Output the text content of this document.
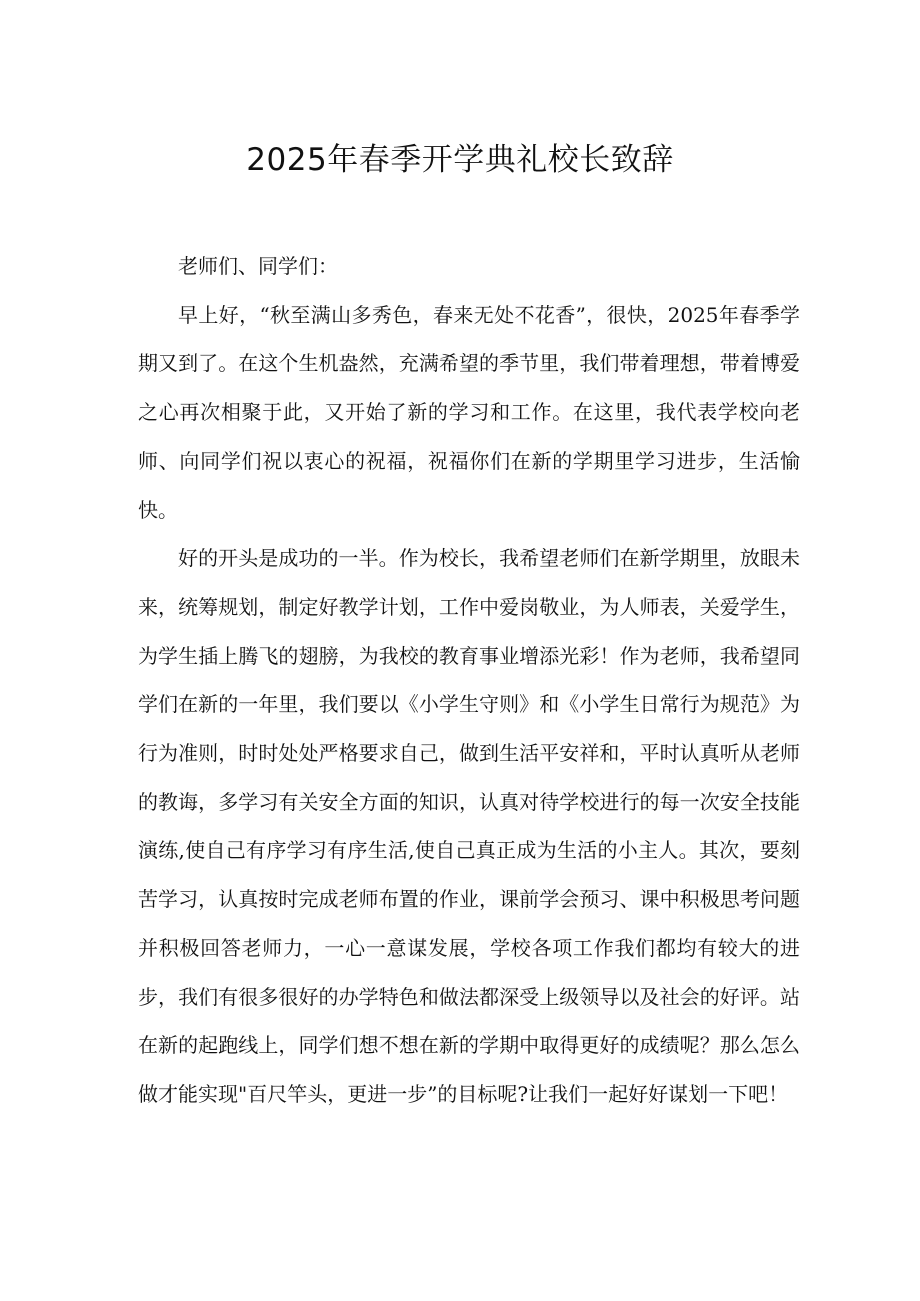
2025年春季开学典礼校长致辞

老师们、同学们：

早上好，“秋至满山多秀色，春来无处不花香”，很快，2025年春季学期又到了。在这个生机盎然，充满希望的季节里，我们带着理想，带着博爱之心再次相聚于此，又开始了新的学习和工作。在这里，我代表学校向老师、向同学们祝以衷心的祝福，祝福你们在新的学期里学习进步，生活愉快。

好的开头是成功的一半。作为校长，我希望老师们在新学期里，放眼未来，统筹规划，制定好教学计划，工作中爱岗敬业，为人师表，关爱学生，为学生插上腾飞的翅膀，为我校的教育事业增添光彩！作为老师，我希望同学们在新的一年里，我们要以《小学生守则》和《小学生日常行为规范》为行为准则，时时处处严格要求自己，做到生活平安祥和，平时认真听从老师的教诲，多学习有关安全方面的知识，认真对待学校进行的每一次安全技能演练,使自己有序学习有序生活,使自己真正成为生活的小主人。其次，要刻苦学习，认真按时完成老师布置的作业，课前学会预习、课中积极思考问题并积极回答老师力，一心一意谋发展，学校各项工作我们都均有较大的进步，我们有很多很好的办学特色和做法都深受上级领导以及社会的好评。站在新的起跑线上，同学们想不想在新的学期中取得更好的成绩呢？那么怎么做才能实现"百尺竿头，更进一步”的目标呢?让我们一起好好谋划一下吧！
